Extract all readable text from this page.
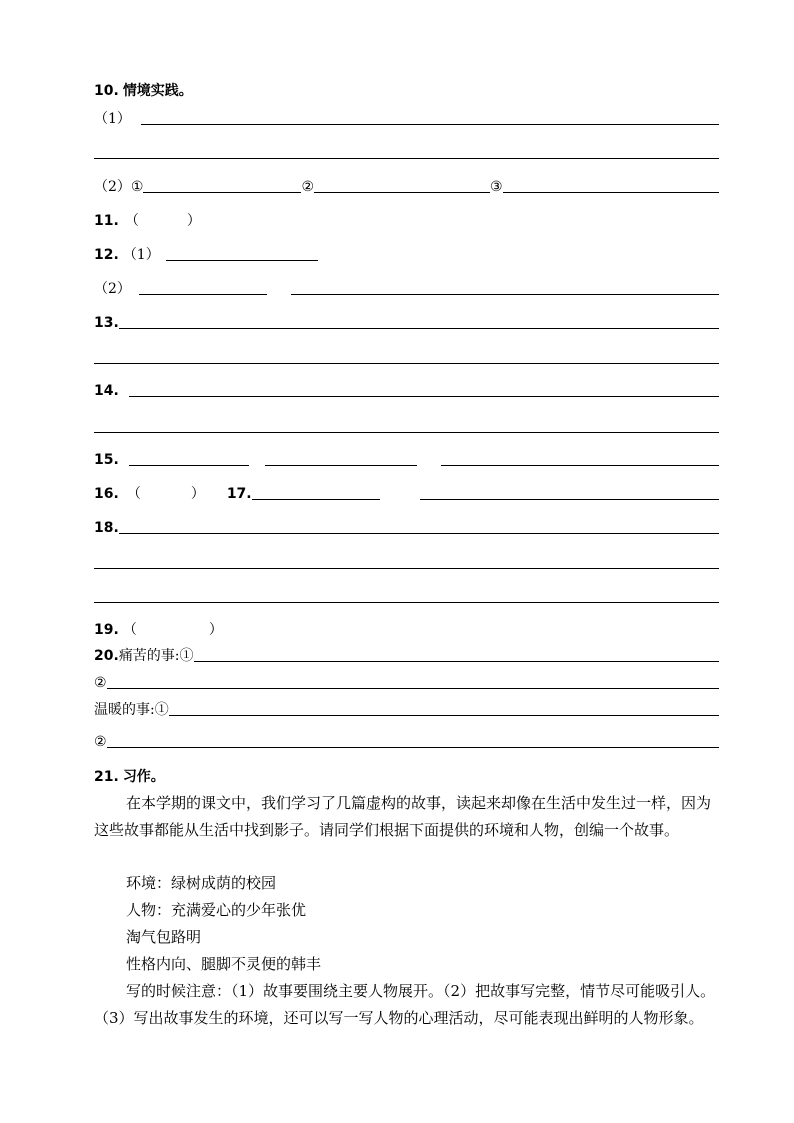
10. 情境实践。
（1）
（2） ①	②	③
11. （	）
12. （1）
（2）
13.
14.
15.
16. （	） 17.
18.
19. （	）
20. 痛苦的事:①
②
温暖的事:①
②
21. 习作。
在本学期的课文中，我们学习了几篇虚构的故事，读起来却像在生活中发生过一样，因为这些故事都能从生活中找到影子。请同学们根据下面提供的环境和人物，创编一个故事。
环境：绿树成荫的校园
人物：充满爱心的少年张优
淘气包路明
性格内向、腿脚不灵便的韩丰
写的时候注意：（1）故事要围绕主要人物展开。（2）把故事写完整，情节尽可能吸引人。（3）写出故事发生的环境，还可以写一写人物的心理活动，尽可能表现出鲜明的人物形象。
